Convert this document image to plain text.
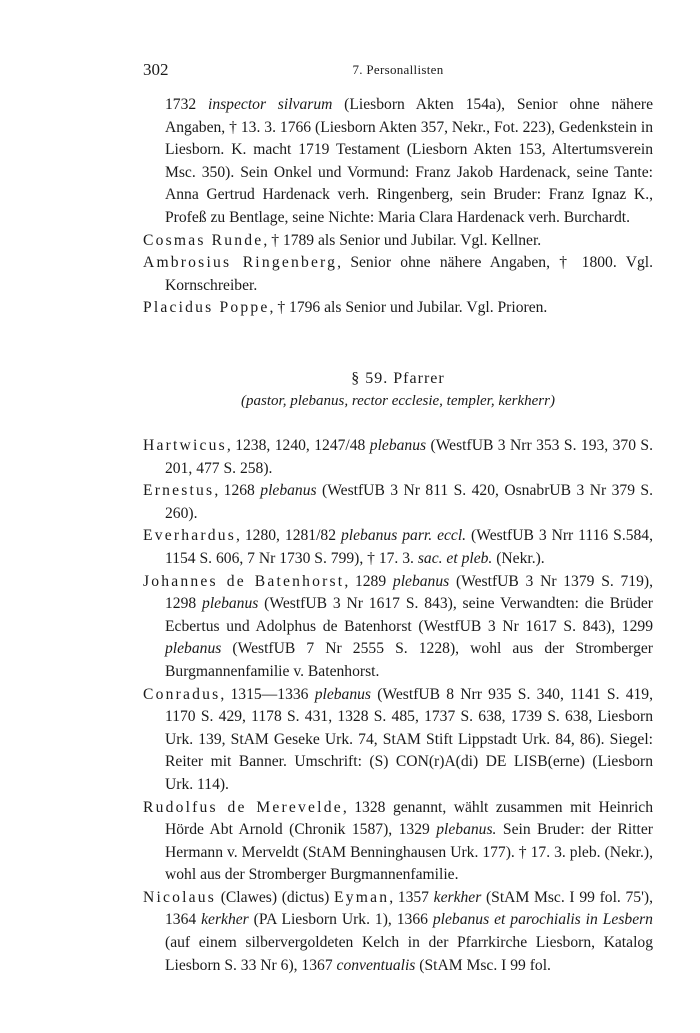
302	7. Personallisten

1732 inspector silvarum (Liesborn Akten 154a), Senior ohne nähere Angaben, † 13. 3. 1766 (Liesborn Akten 357, Nekr., Fot. 223), Gedenkstein in Liesborn. K. macht 1719 Testament (Liesborn Akten 153, Altertumsverein Msc. 350). Sein Onkel und Vormund: Franz Jakob Hardenack, seine Tante: Anna Gertrud Hardenack verh. Ringenberg, sein Bruder: Franz Ignaz K., Profeß zu Bentlage, seine Nichte: Maria Clara Hardenack verh. Burchardt.

Cosmas Runde, † 1789 als Senior und Jubilar. Vgl. Kellner.

Ambrosius Ringenberg, Senior ohne nähere Angaben, † 1800. Vgl. Kornschreiber.

Placidus Poppe, † 1796 als Senior und Jubilar. Vgl. Prioren.

§ 59. Pfarrer
(pastor, plebanus, rector ecclesie, templer, kerkherr)

Hartwicus, 1238, 1240, 1247/48 plebanus (WestfUB 3 Nrr 353 S. 193, 370 S. 201, 477 S. 258).

Ernestus, 1268 plebanus (WestfUB 3 Nr 811 S. 420, OsnabrUB 3 Nr 379 S. 260).

Everhardus, 1280, 1281/82 plebanus parr. eccl. (WestfUB 3 Nrr 1116 S.584, 1154 S. 606, 7 Nr 1730 S. 799), † 17. 3. sac. et pleb. (Nekr.).

Johannes de Batenhorst, 1289 plebanus (WestfUB 3 Nr 1379 S. 719), 1298 plebanus (WestfUB 3 Nr 1617 S. 843), seine Verwandten: die Brüder Ecbertus und Adolphus de Batenhorst (WestfUB 3 Nr 1617 S. 843), 1299 plebanus (WestfUB 7 Nr 2555 S. 1228), wohl aus der Stromberger Burgmannenfamilie v. Batenhorst.

Conradus, 1315—1336 plebanus (WestfUB 8 Nrr 935 S. 340, 1141 S. 419, 1170 S. 429, 1178 S. 431, 1328 S. 485, 1737 S. 638, 1739 S. 638, Liesborn Urk. 139, StAM Geseke Urk. 74, StAM Stift Lippstadt Urk. 84, 86). Siegel: Reiter mit Banner. Umschrift: (S) CON(r)A(di) DE LISB(erne) (Liesborn Urk. 114).

Rudolfus de Merevelde, 1328 genannt, wählt zusammen mit Heinrich Hörde Abt Arnold (Chronik 1587), 1329 plebanus. Sein Bruder: der Ritter Hermann v. Merveldt (StAM Benninghausen Urk. 177). † 17. 3. pleb. (Nekr.), wohl aus der Stromberger Burgmannenfamilie.

Nicolaus (Clawes) (dictus) Eyman, 1357 kerkher (StAM Msc. I 99 fol. 75'), 1364 kerkher (PA Liesborn Urk. 1), 1366 plebanus et parochialis in Lesbern (auf einem silbervergoldeten Kelch in der Pfarrkirche Liesborn, Katalog Liesborn S. 33 Nr 6), 1367 conventualis (StAM Msc. I 99 fol.
